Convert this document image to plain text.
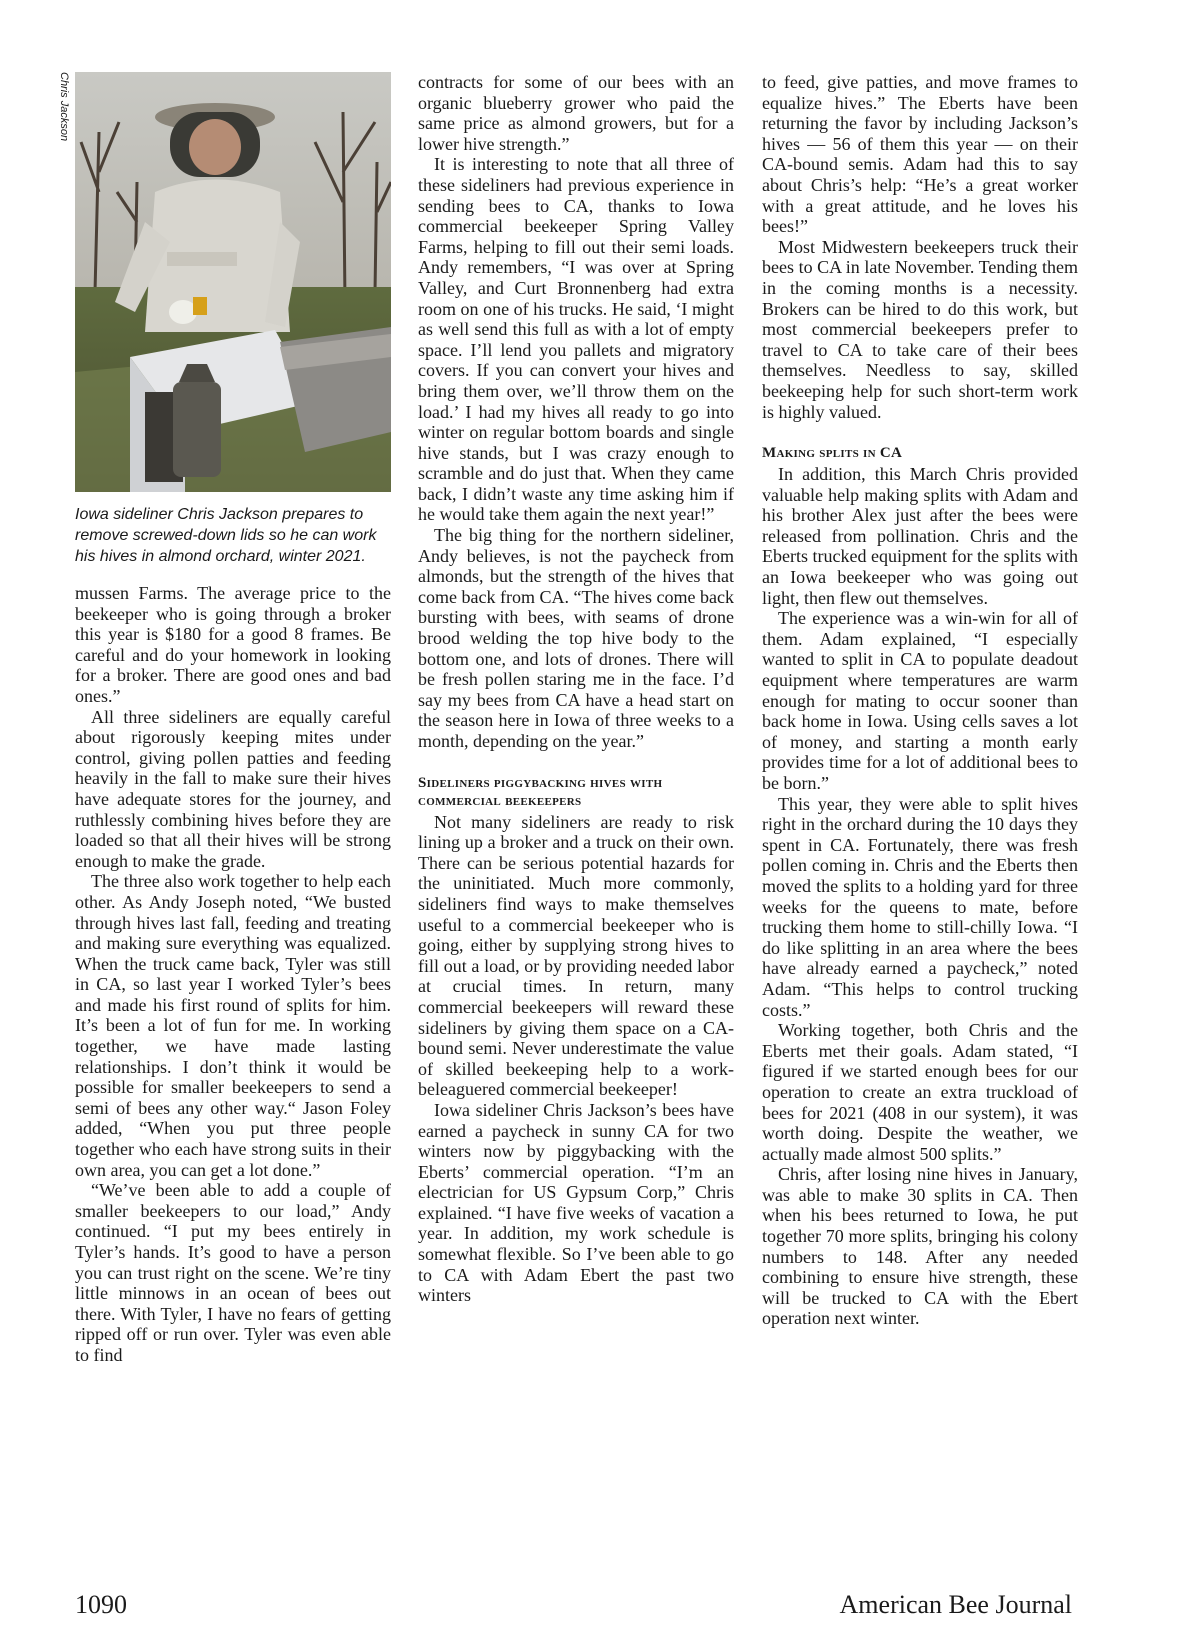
Chris Jackson
Iowa sideliner Chris Jackson prepares to remove screwed-down lids so he can work his hives in almond orchard, winter 2021.

mussen Farms. The average price to the beekeeper who is going through a broker this year is $180 for a good 8 frames. Be careful and do your homework in looking for a broker. There are good ones and bad ones.”

All three sideliners are equally careful about rigorously keeping mites under control, giving pollen patties and feeding heavily in the fall to make sure their hives have adequate stores for the journey, and ruthlessly combining hives before they are loaded so that all their hives will be strong enough to make the grade.

The three also work together to help each other. As Andy Joseph noted, “We busted through hives last fall, feeding and treating and making sure everything was equalized. When the truck came back, Tyler was still in CA, so last year I worked Tyler’s bees and made his first round of splits for him. It’s been a lot of fun for me. In working together, we have made lasting relationships. I don’t think it would be possible for smaller beekeepers to send a semi of bees any other way.“ Jason Foley added, “When you put three people together who each have strong suits in their own area, you can get a lot done.”

“We’ve been able to add a couple of smaller beekeepers to our load,” Andy continued. “I put my bees entirely in Tyler’s hands. It’s good to have a person you can trust right on the scene. We’re tiny little minnows in an ocean of bees out there. With Tyler, I have no fears of getting ripped off or run over. Tyler was even able to find

contracts for some of our bees with an organic blueberry grower who paid the same price as almond growers, but for a lower hive strength.”

It is interesting to note that all three of these sideliners had previous experience in sending bees to CA, thanks to Iowa commercial beekeeper Spring Valley Farms, helping to fill out their semi loads. Andy remembers, “I was over at Spring Valley, and Curt Bronnenberg had extra room on one of his trucks. He said, ‘I might as well send this full as with a lot of empty space. I’ll lend you pallets and migratory covers. If you can convert your hives and bring them over, we’ll throw them on the load.’ I had my hives all ready to go into winter on regular bottom boards and single hive stands, but I was crazy enough to scramble and do just that. When they came back, I didn’t waste any time asking him if he would take them again the next year!”

The big thing for the northern sideliner, Andy believes, is not the paycheck from almonds, but the strength of the hives that come back from CA. “The hives come back bursting with bees, with seams of drone brood welding the top hive body to the bottom one, and lots of drones. There will be fresh pollen staring me in the face. I’d say my bees from CA have a head start on the season here in Iowa of three weeks to a month, depending on the year.”

Sideliners piggybacking hives with commercial beekeepers

Not many sideliners are ready to risk lining up a broker and a truck on their own. There can be serious potential hazards for the uninitiated. Much more commonly, sideliners find ways to make themselves useful to a commercial beekeeper who is going, either by supplying strong hives to fill out a load, or by providing needed labor at crucial times. In return, many commercial beekeepers will reward these sideliners by giving them space on a CA-bound semi. Never underestimate the value of skilled beekeeping help to a work-beleaguered commercial beekeeper!

Iowa sideliner Chris Jackson’s bees have earned a paycheck in sunny CA for two winters now by piggybacking with the Eberts’ commercial operation. “I’m an electrician for US Gypsum Corp,” Chris explained. “I have five weeks of vacation a year. In addition, my work schedule is somewhat flexible. So I’ve been able to go to CA with Adam Ebert the past two winters

to feed, give patties, and move frames to equalize hives.” The Eberts have been returning the favor by including Jackson’s hives — 56 of them this year — on their CA-bound semis. Adam had this to say about Chris’s help: “He’s a great worker with a great attitude, and he loves his bees!”

Most Midwestern beekeepers truck their bees to CA in late November. Tending them in the coming months is a necessity. Brokers can be hired to do this work, but most commercial beekeepers prefer to travel to CA to take care of their bees themselves. Needless to say, skilled beekeeping help for such short-term work is highly valued.

Making splits in CA

In addition, this March Chris provided valuable help making splits with Adam and his brother Alex just after the bees were released from pollination. Chris and the Eberts trucked equipment for the splits with an Iowa beekeeper who was going out light, then flew out themselves.

The experience was a win-win for all of them. Adam explained, “I especially wanted to split in CA to populate deadout equipment where temperatures are warm enough for mating to occur sooner than back home in Iowa. Using cells saves a lot of money, and starting a month early provides time for a lot of additional bees to be born.”

This year, they were able to split hives right in the orchard during the 10 days they spent in CA. Fortunately, there was fresh pollen coming in. Chris and the Eberts then moved the splits to a holding yard for three weeks for the queens to mate, before trucking them home to still-chilly Iowa. “I do like splitting in an area where the bees have already earned a paycheck,” noted Adam. “This helps to control trucking costs.”

Working together, both Chris and the Eberts met their goals. Adam stated, “I figured if we started enough bees for our operation to create an extra truckload of bees for 2021 (408 in our system), it was worth doing. Despite the weather, we actually made almost 500 splits.”

Chris, after losing nine hives in January, was able to make 30 splits in CA. Then when his bees returned to Iowa, he put together 70 more splits, bringing his colony numbers to 148. After any needed combining to ensure hive strength, these will be trucked to CA with the Ebert operation next winter.

1090	American Bee Journal
